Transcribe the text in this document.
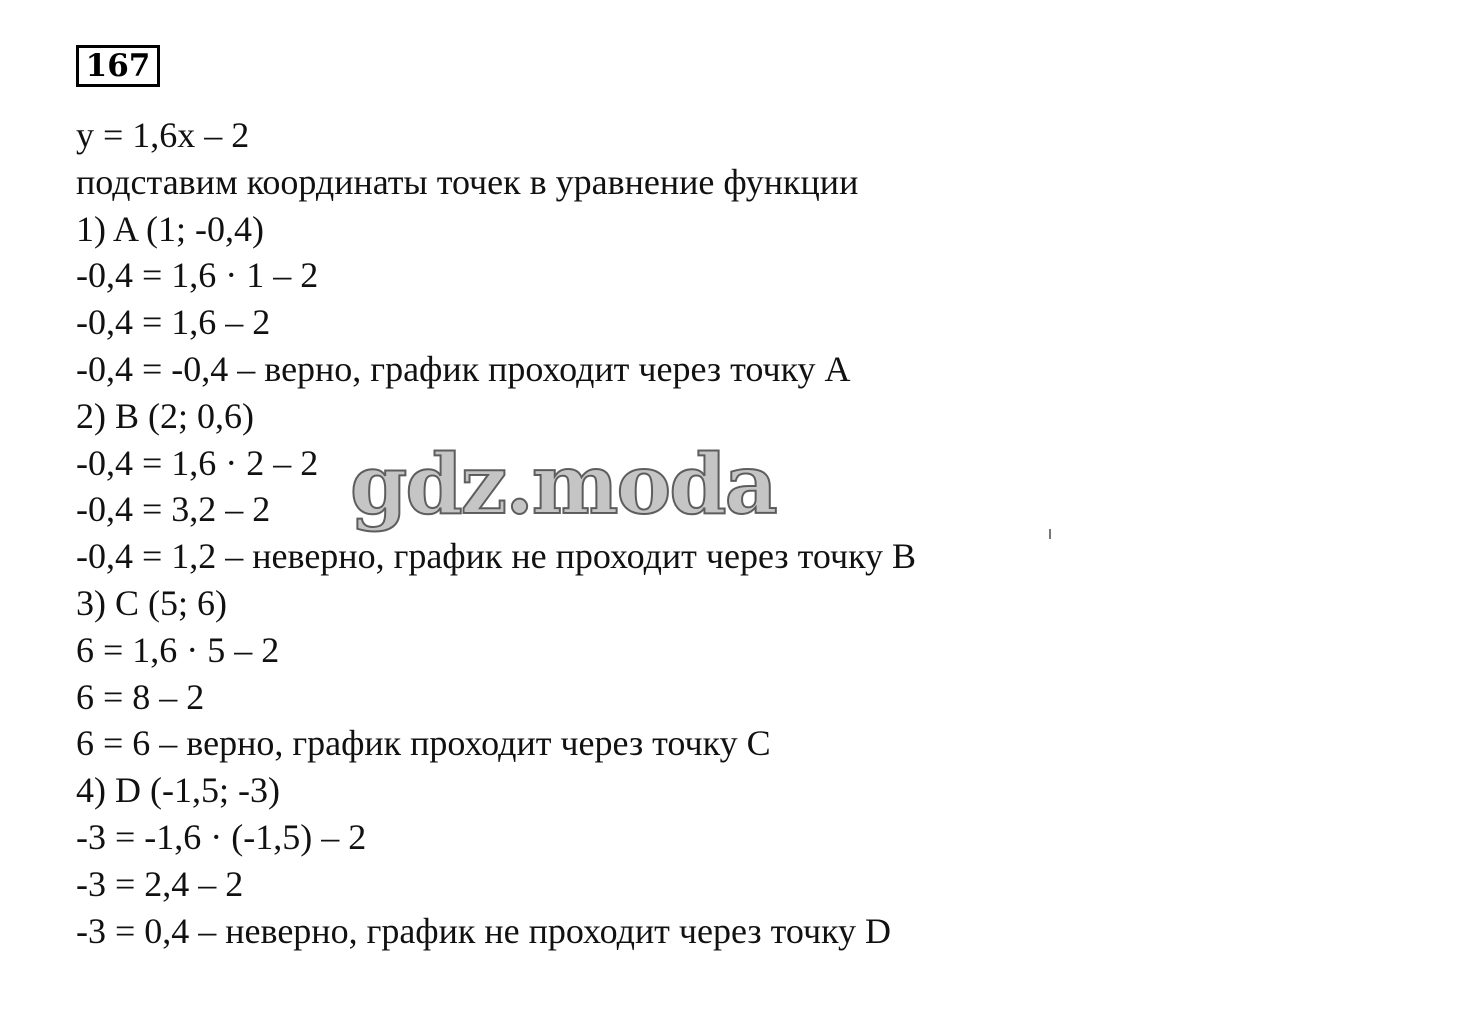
167
y = 1,6x – 2
подставим координаты точек в уравнение функции
1) A (1; -0,4)
-0,4 = 1,6 · 1 – 2
-0,4 = 1,6 – 2
-0,4 = -0,4 – верно, график проходит через точку A
2) B (2; 0,6)
-0,4 = 1,6 · 2 – 2
-0,4 = 3,2 – 2
-0,4 = 1,2 – неверно, график не проходит через точку B
3) C (5; 6)
6 = 1,6 · 5 – 2
6 = 8 – 2
6 = 6 – верно, график проходит через точку C
4) D (-1,5; -3)
-3 = -1,6 · (-1,5) – 2
-3 = 2,4 – 2
-3 = 0,4 – неверно, график не проходит через точку D
gdz.moda
